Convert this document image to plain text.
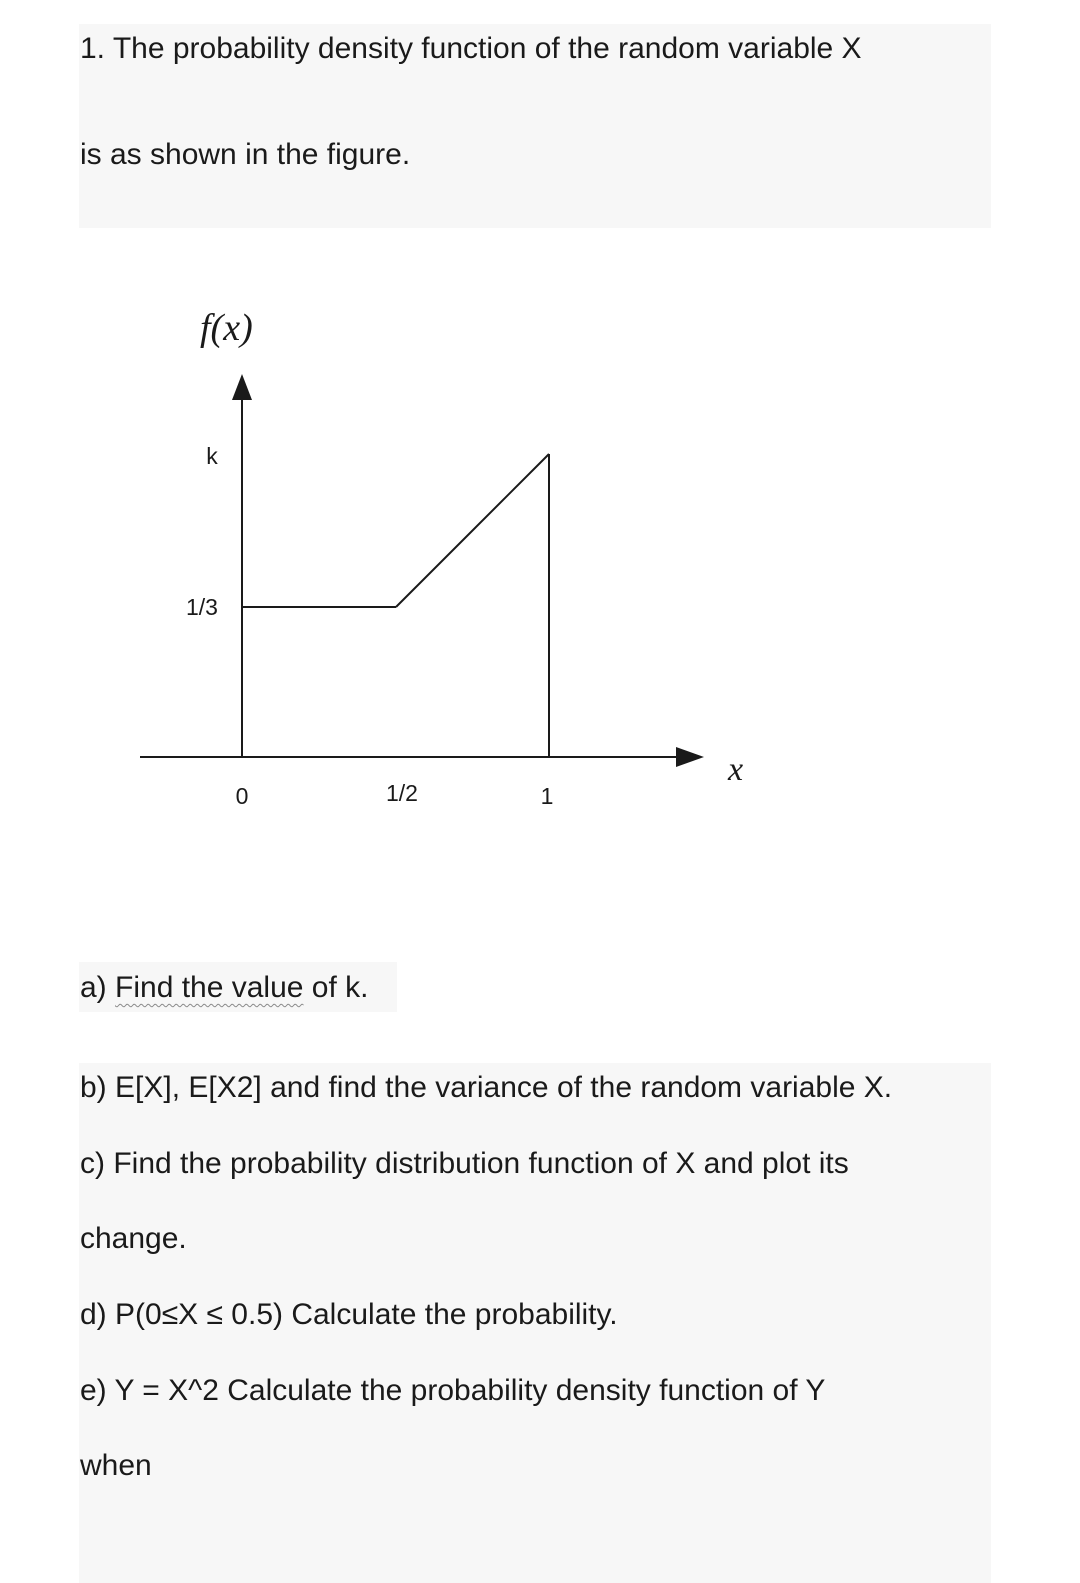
1. The probability density function of the random variable X
is as shown in the figure.
f(x)
x
k
1/3
0	1/2	1
a) Find the value of k.
b) E[X], E[X2] and find the variance of the random variable X.
c) Find the probability distribution function of X and plot its
change.
d) P(0≤X ≤ 0.5) Calculate the probability.
e) Y = X^2 Calculate the probability density function of Y
when
